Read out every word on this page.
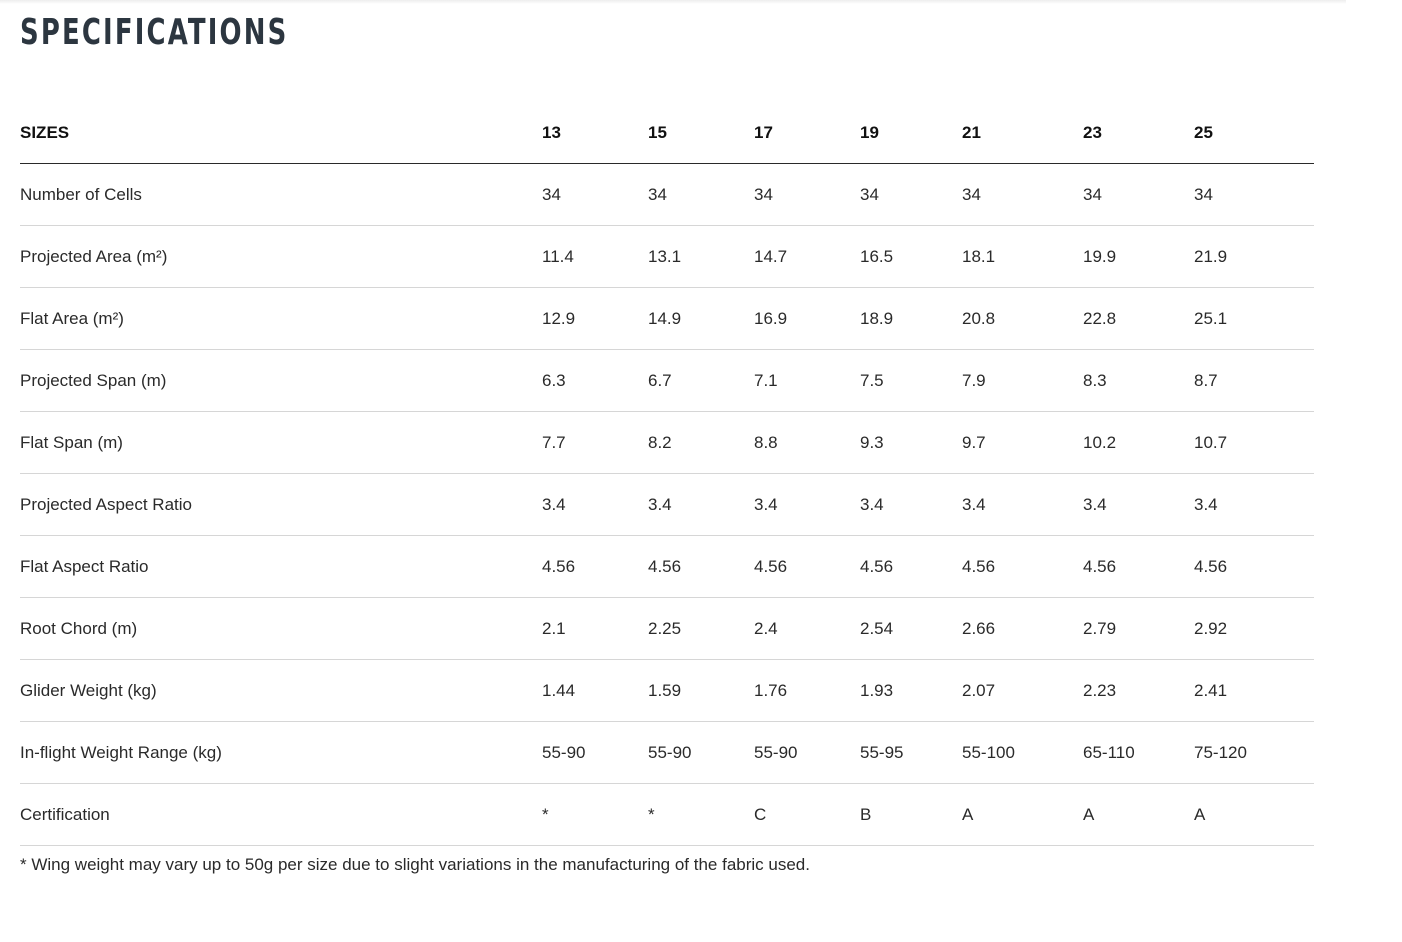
SPECIFICATIONS
SIZES	13	15	17	19	21	23	25
Number of Cells	34	34	34	34	34	34	34
Projected Area (m²)	11.4	13.1	14.7	16.5	18.1	19.9	21.9
Flat Area (m²)	12.9	14.9	16.9	18.9	20.8	22.8	25.1
Projected Span (m)	6.3	6.7	7.1	7.5	7.9	8.3	8.7
Flat Span (m)	7.7	8.2	8.8	9.3	9.7	10.2	10.7
Projected Aspect Ratio	3.4	3.4	3.4	3.4	3.4	3.4	3.4
Flat Aspect Ratio	4.56	4.56	4.56	4.56	4.56	4.56	4.56
Root Chord (m)	2.1	2.25	2.4	2.54	2.66	2.79	2.92
Glider Weight (kg)	1.44	1.59	1.76	1.93	2.07	2.23	2.41
In-flight Weight Range (kg)	55-90	55-90	55-90	55-95	55-100	65-110	75-120
Certification	*	*	C	B	A	A	A

* Wing weight may vary up to 50g per size due to slight variations in the manufacturing of the fabric used.
